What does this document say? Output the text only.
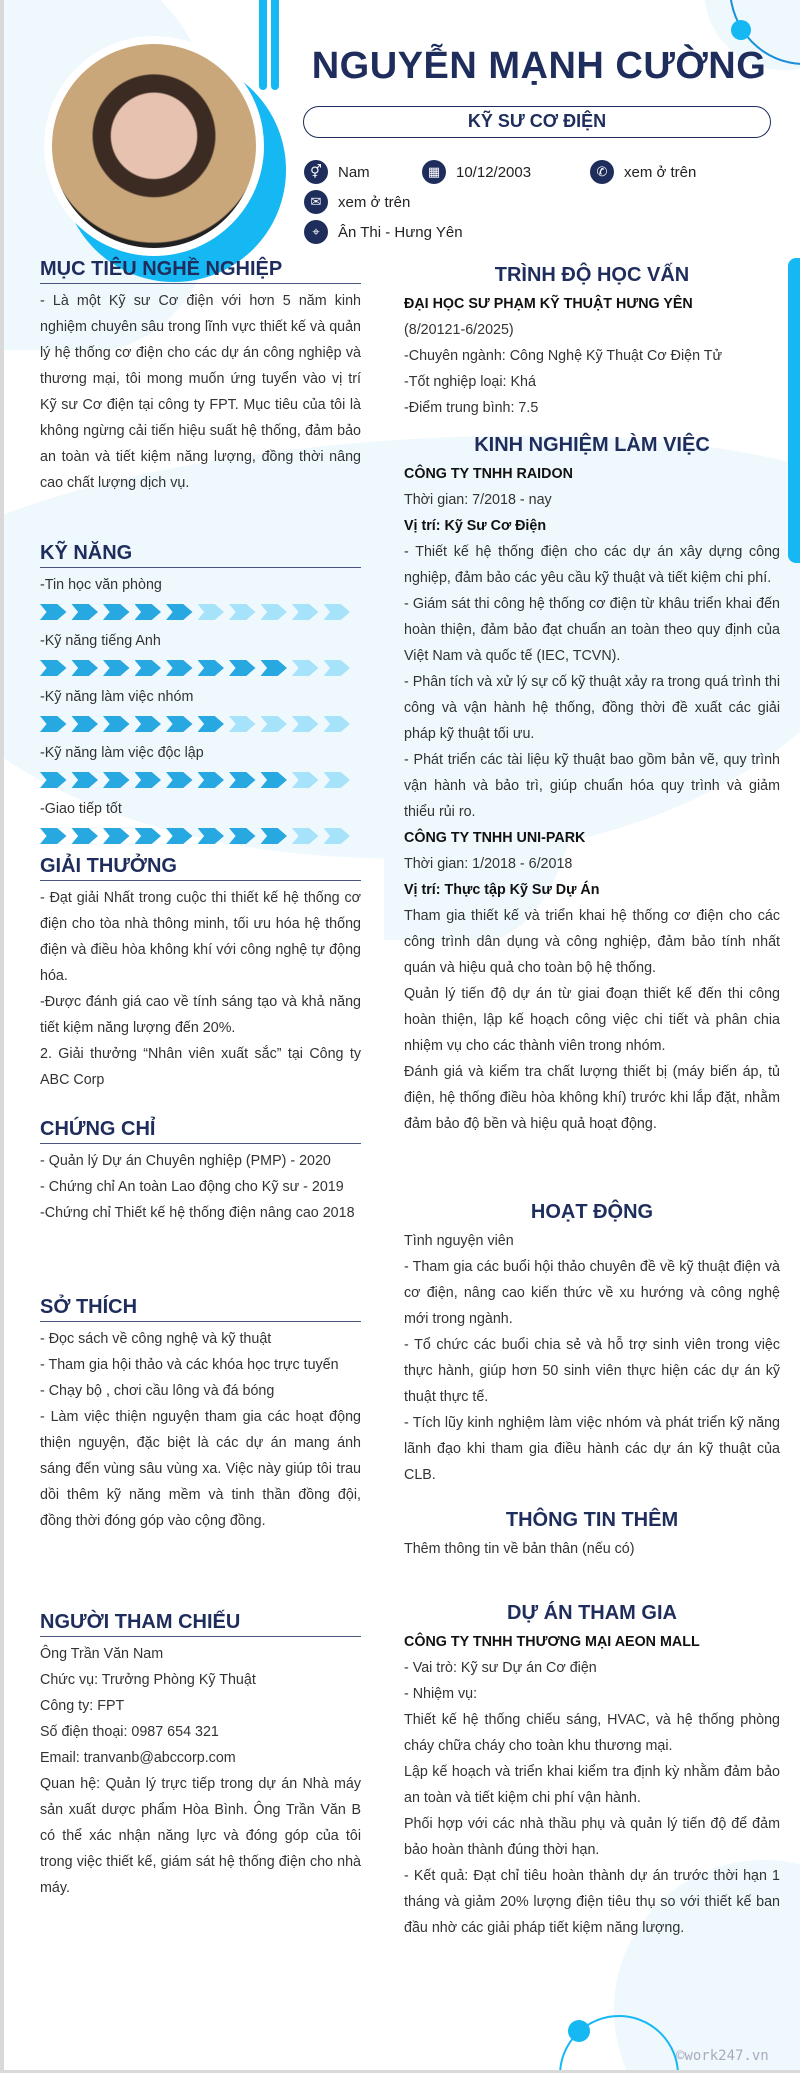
NGUYỄN MẠNH CƯỜNG
KỸ SƯ CƠ ĐIỆN
©work247.vn
⚥	Nam	▦	10/12/2003	✆	xem ở trên
✉	xem ở trên
⌖	Ân Thi - Hưng Yên
MỤC TIÊU NGHỀ NGHIỆP
- Là một Kỹ sư Cơ điện với hơn 5 năm kinh nghiệm chuyên sâu trong lĩnh vực thiết kế và quản lý hệ thống cơ điện cho các dự án công nghiệp và thương mại, tôi mong muốn ứng tuyển vào vị trí Kỹ sư Cơ điện tại công ty FPT. Mục tiêu của tôi là không ngừng cải tiến hiệu suất hệ thống, đảm bảo an toàn và tiết kiệm năng lượng, đồng thời nâng cao chất lượng dịch vụ.
KỸ NĂNG
-Tin học văn phòng
-Kỹ năng tiếng Anh
-Kỹ năng làm việc nhóm
-Kỹ năng làm việc độc lập
-Giao tiếp tốt
GIẢI THƯỞNG
- Đạt giải Nhất trong cuộc thi thiết kế hệ thống cơ điện cho tòa nhà thông minh, tối ưu hóa hệ thống điện và điều hòa không khí với công nghệ tự động hóa.
-Được đánh giá cao về tính sáng tạo và khả năng tiết kiệm năng lượng đến 20%.
2. Giải thưởng “Nhân viên xuất sắc” tại Công ty ABC Corp
CHỨNG CHỈ
- Quản lý Dự án Chuyên nghiệp (PMP) - 2020
- Chứng chỉ An toàn Lao động cho Kỹ sư - 2019
-Chứng chỉ Thiết kế hệ thống điện nâng cao 2018
SỞ THÍCH
- Đọc sách về công nghệ và kỹ thuật
- Tham gia hội thảo và các khóa học trực tuyến
- Chạy bộ , chơi cầu lông và đá bóng
- Làm việc thiện nguyện tham gia các hoạt động thiện nguyện, đặc biệt là các dự án mang ánh sáng đến vùng sâu vùng xa. Việc này giúp tôi trau dồi thêm kỹ năng mềm và tinh thần đồng đội, đồng thời đóng góp vào cộng đồng.
NGƯỜI THAM CHIẾU
Ông Trần Văn Nam
Chức vụ: Trưởng Phòng Kỹ Thuật
Công ty: FPT
Số điện thoại: 0987 654 321
Email: tranvanb@abccorp.com
Quan hệ: Quản lý trực tiếp trong dự án Nhà máy sản xuất dược phẩm Hòa Bình. Ông Trần Văn B có thể xác nhận năng lực và đóng góp của tôi trong việc thiết kế, giám sát hệ thống điện cho nhà máy.
TRÌNH ĐỘ HỌC VẤN
ĐẠI HỌC SƯ PHẠM KỸ THUẬT HƯNG YÊN
(8/20121-6/2025)
-Chuyên ngành: Công Nghệ Kỹ Thuật Cơ Điện Tử
-Tốt nghiệp loại: Khá
-Điểm trung bình: 7.5
KINH NGHIỆM LÀM VIỆC
CÔNG TY TNHH RAIDON
Thời gian: 7/2018 - nay
Vị trí: Kỹ Sư Cơ Điện
- Thiết kế hệ thống điện cho các dự án xây dựng công nghiệp, đảm bảo các yêu cầu kỹ thuật và tiết kiệm chi phí.
- Giám sát thi công hệ thống cơ điện từ khâu triển khai đến hoàn thiện, đảm bảo đạt chuẩn an toàn theo quy định của Việt Nam và quốc tế (IEC, TCVN).
- Phân tích và xử lý sự cố kỹ thuật xảy ra trong quá trình thi công và vận hành hệ thống, đồng thời đề xuất các giải pháp kỹ thuật tối ưu.
- Phát triển các tài liệu kỹ thuật bao gồm bản vẽ, quy trình vận hành và bảo trì, giúp chuẩn hóa quy trình và giảm thiểu rủi ro.
CÔNG TY TNHH UNI-PARK
Thời gian: 1/2018 - 6/2018
Vị trí: Thực tập Kỹ Sư Dự Án
Tham gia thiết kế và triển khai hệ thống cơ điện cho các công trình dân dụng và công nghiệp, đảm bảo tính nhất quán và hiệu quả cho toàn bộ hệ thống.
Quản lý tiến độ dự án từ giai đoạn thiết kế đến thi công hoàn thiện, lập kế hoạch công việc chi tiết và phân chia nhiệm vụ cho các thành viên trong nhóm.
Đánh giá và kiểm tra chất lượng thiết bị (máy biến áp, tủ điện, hệ thống điều hòa không khí) trước khi lắp đặt, nhằm đảm bảo độ bền và hiệu quả hoạt động.
HOẠT ĐỘNG
Tình nguyện viên
- Tham gia các buổi hội thảo chuyên đề về kỹ thuật điện và cơ điện, nâng cao kiến thức về xu hướng và công nghệ mới trong ngành.
- Tổ chức các buổi chia sẻ và hỗ trợ sinh viên trong việc thực hành, giúp hơn 50 sinh viên thực hiện các dự án kỹ thuật thực tế.
- Tích lũy kinh nghiệm làm việc nhóm và phát triển kỹ năng lãnh đạo khi tham gia điều hành các dự án kỹ thuật của CLB.
THÔNG TIN THÊM
Thêm thông tin về bản thân (nếu có)
DỰ ÁN THAM GIA
CÔNG TY TNHH THƯƠNG MẠI AEON MALL
- Vai trò: Kỹ sư Dự án Cơ điện
- Nhiệm vụ:
Thiết kế hệ thống chiếu sáng, HVAC, và hệ thống phòng cháy chữa cháy cho toàn khu thương mại.
Lập kế hoạch và triển khai kiểm tra định kỳ nhằm đảm bảo an toàn và tiết kiệm chi phí vận hành.
Phối hợp với các nhà thầu phụ và quản lý tiến độ để đảm bảo hoàn thành đúng thời hạn.
- Kết quả: Đạt chỉ tiêu hoàn thành dự án trước thời hạn 1 tháng và giảm 20% lượng điện tiêu thụ so với thiết kế ban đầu nhờ các giải pháp tiết kiệm năng lượng.
